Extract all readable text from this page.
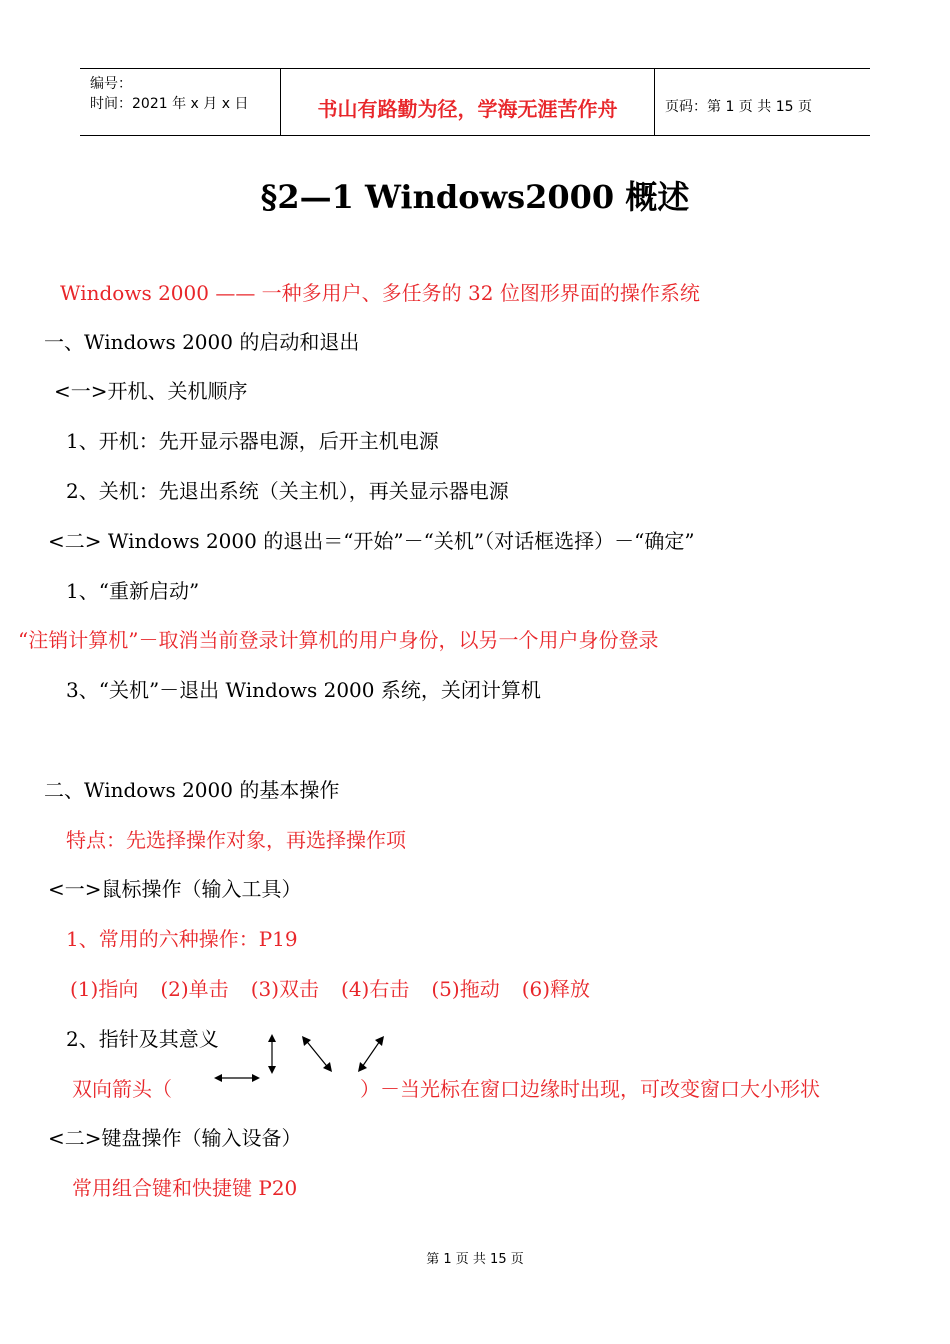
编号：
时间：2021 年 x 月 x 日	书山有路勤为径，学海无涯苦作舟	页码：第 1 页 共 15 页
§2—1 Windows2000 概述
Windows 2000 —— 一种多用户、多任务的 32 位图形界面的操作系统
一、Windows 2000 的启动和退出
<一>开机、关机顺序
1、开机：先开显示器电源，后开主机电源
2、关机：先退出系统（关主机），再关显示器电源
<二> Windows 2000 的退出＝“开始”－“关机”（对话框选择）－“确定”
1、“重新启动”
“注销计算机”－取消当前登录计算机的用户身份，以另一个用户身份登录
3、“关机”－退出 Windows 2000 系统，关闭计算机
二、Windows 2000 的基本操作
特点：先选择操作对象，再选择操作项
<一>鼠标操作（输入工具）
1、常用的六种操作：P19
(1)指向 (2)单击 (3)双击 (4)右击 (5)拖动 (6)释放
2、指针及其意义
双向箭头（	）－当光标在窗口边缘时出现，可改变窗口大小形状
<二>键盘操作（输入设备）
常用组合键和快捷键 P20
第 1 页 共 15 页
